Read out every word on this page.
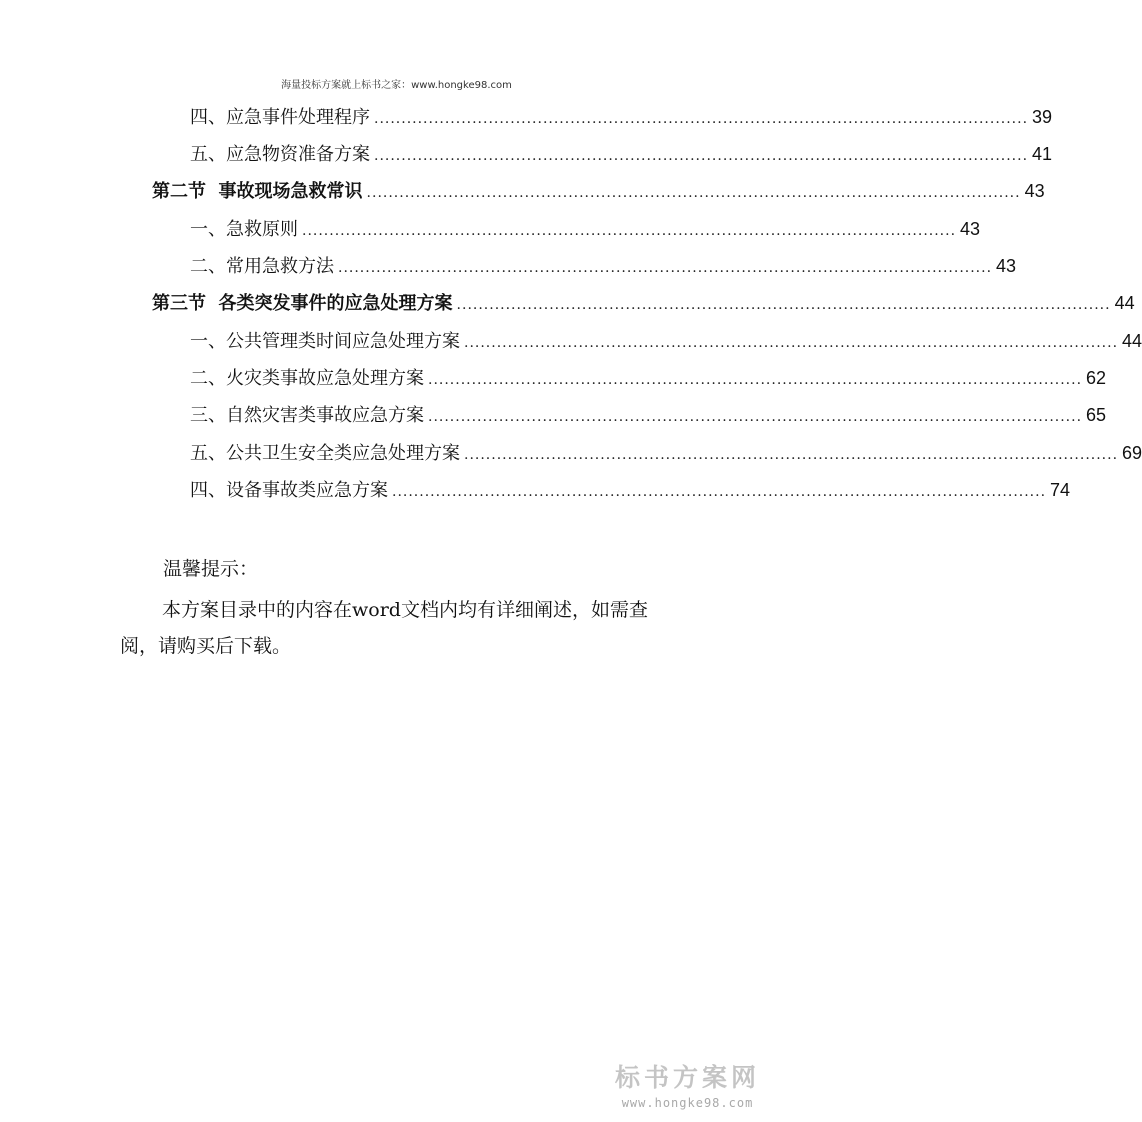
海量投标方案就上标书之家：www.hongke98.com
四、 应急事件处理程序 ........................................................................................................................ 39
五、 应急物资准备方案 ........................................................................................................................ 41
第二节 事故现场急救常识 ........................................................................................................................ 43
一、 急救原则 ........................................................................................................................ 43
二、 常用急救方法 ........................................................................................................................ 43
第三节 各类突发事件的应急处理方案 ........................................................................................................................ 44
一、 公共管理类时间应急处理方案 ........................................................................................................................ 44
二、 火灾类事故应急处理方案 ........................................................................................................................ 62
三、 自然灾害类事故应急方案 ........................................................................................................................ 65
五、 公共卫生安全类应急处理方案 ........................................................................................................................ 69
四、 设备事故类应急方案 ........................................................................................................................ 74
温馨提示：
本方案目录中的内容在word文档内均有详细阐述，如需查阅，请购买后下载。
标书方案网
www.hongke98.com
